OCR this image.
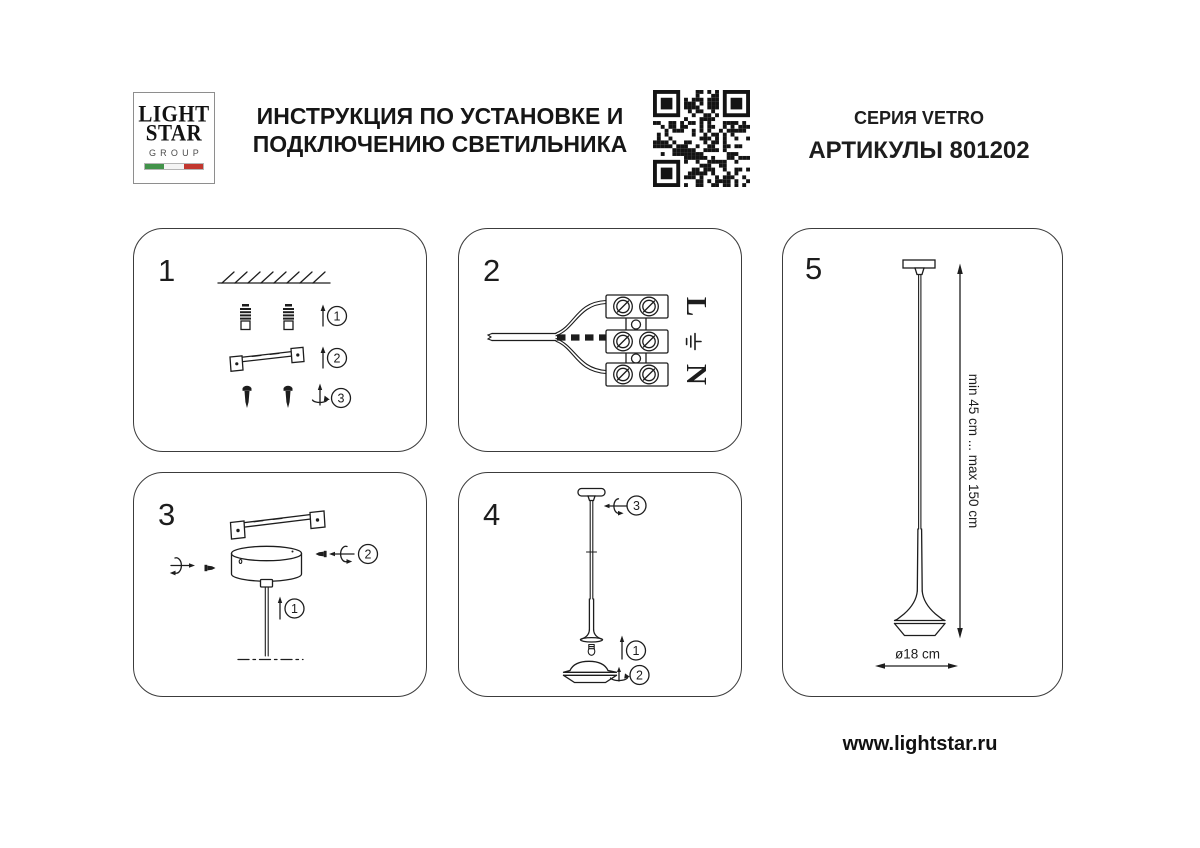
LIGHT
STAR
GROUP
ИНСТРУКЦИЯ ПО УСТАНОВКЕ И
ПОДКЛЮЧЕНИЮ СВЕТИЛЬНИКА
СЕРИЯ VETRO
АРТИКУЛЫ 801202
1
1
2
3
2
L
N
3
2
1
4	3
1
2
5
min 45 cm ... max 150 cm
ø18 cm
www.lightstar.ru
